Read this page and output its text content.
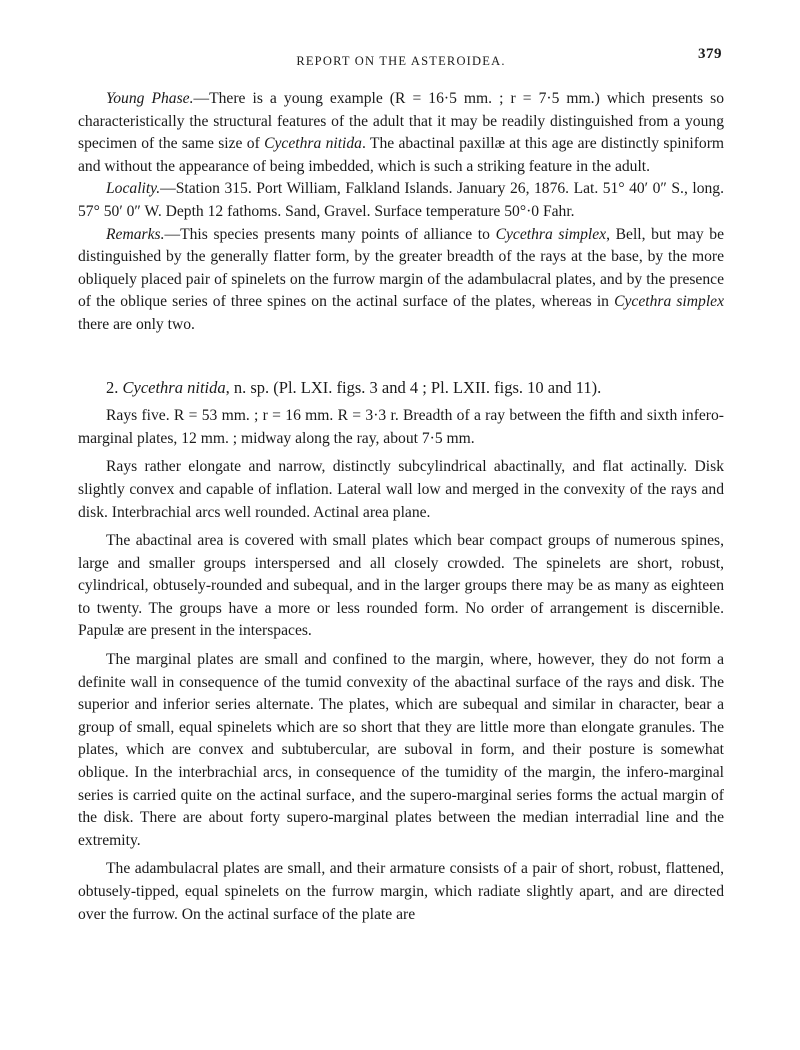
REPORT ON THE ASTEROIDEA.	379

Young Phase.—There is a young example (R = 16·5 mm. ; r = 7·5 mm.) which presents so characteristically the structural features of the adult that it may be readily distinguished from a young specimen of the same size of Cycethra nitida. The abactinal paxillæ at this age are distinctly spiniform and without the appearance of being imbedded, which is such a striking feature in the adult.

Locality.—Station 315. Port William, Falkland Islands. January 26, 1876. Lat. 51° 40′ 0″ S., long. 57° 50′ 0″ W. Depth 12 fathoms. Sand, Gravel. Surface temperature 50°·0 Fahr.

Remarks.—This species presents many points of alliance to Cycethra simplex, Bell, but may be distinguished by the generally flatter form, by the greater breadth of the rays at the base, by the more obliquely placed pair of spinelets on the furrow margin of the adambulacral plates, and by the presence of the oblique series of three spines on the actinal surface of the plates, whereas in Cycethra simplex there are only two.

2. Cycethra nitida, n. sp. (Pl. LXI. figs. 3 and 4 ; Pl. LXII. figs. 10 and 11).

Rays five. R = 53 mm. ; r = 16 mm. R = 3·3 r. Breadth of a ray between the fifth and sixth infero-marginal plates, 12 mm. ; midway along the ray, about 7·5 mm.

Rays rather elongate and narrow, distinctly subcylindrical abactinally, and flat actinally. Disk slightly convex and capable of inflation. Lateral wall low and merged in the convexity of the rays and disk. Interbrachial arcs well rounded. Actinal area plane.

The abactinal area is covered with small plates which bear compact groups of numerous spines, large and smaller groups interspersed and all closely crowded. The spinelets are short, robust, cylindrical, obtusely-rounded and subequal, and in the larger groups there may be as many as eighteen to twenty. The groups have a more or less rounded form. No order of arrangement is discernible. Papulæ are present in the interspaces.

The marginal plates are small and confined to the margin, where, however, they do not form a definite wall in consequence of the tumid convexity of the abactinal surface of the rays and disk. The superior and inferior series alternate. The plates, which are subequal and similar in character, bear a group of small, equal spinelets which are so short that they are little more than elongate granules. The plates, which are convex and subtubercular, are suboval in form, and their posture is somewhat oblique. In the interbrachial arcs, in consequence of the tumidity of the margin, the infero-marginal series is carried quite on the actinal surface, and the supero-marginal series forms the actual margin of the disk. There are about forty supero-marginal plates between the median interradial line and the extremity.

The adambulacral plates are small, and their armature consists of a pair of short, robust, flattened, obtusely-tipped, equal spinelets on the furrow margin, which radiate slightly apart, and are directed over the furrow. On the actinal surface of the plate are
